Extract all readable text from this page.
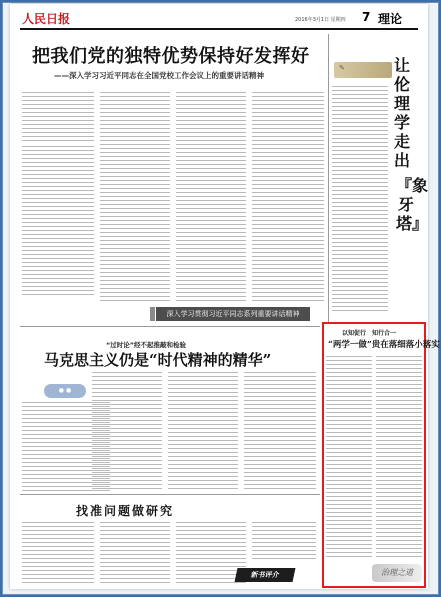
人民日报	2016年3月1日 星期四 7 理论
把我们党的独特优势保持好发挥好
——深入学习习近平同志在全国党校工作会议上的重要讲话精神
✎	让伦理学走出
『象牙塔』
深入学习贯彻习近平同志系列重要讲话精神
“过时论”经不起推敲和检验
马克思主义仍是“时代精神的精华”
● ●
找准问题做研究
新书评介
以知促行　知行合一
“两学一做”贵在落细落小落实
治理之道
